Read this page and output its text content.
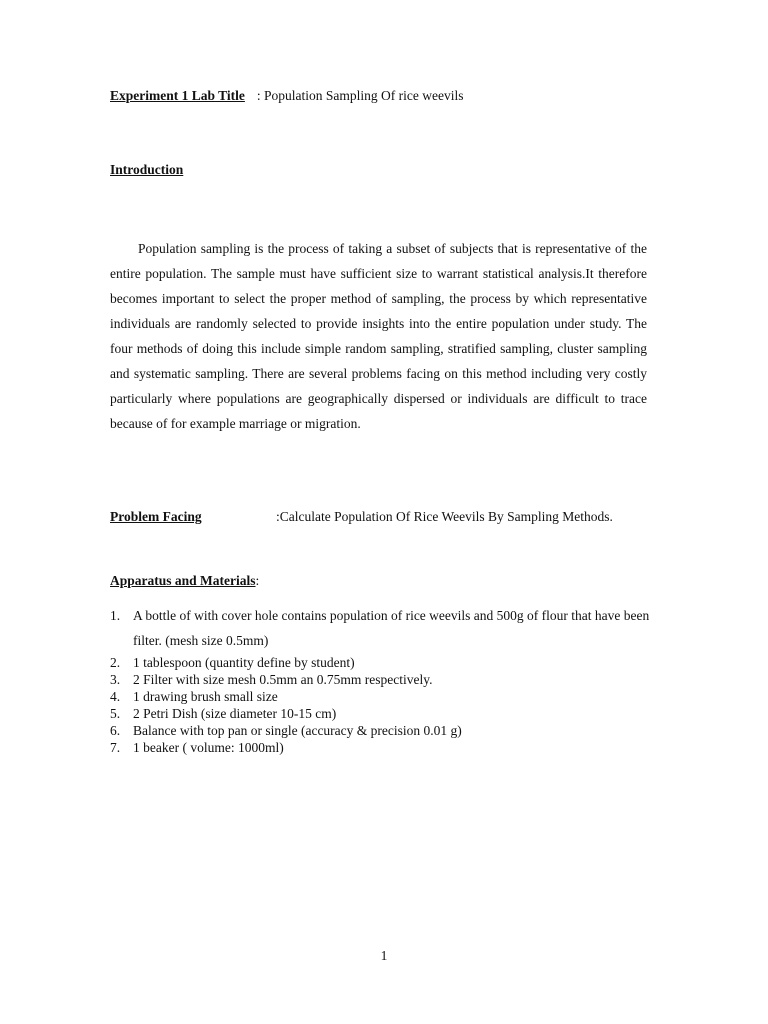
Experiment 1 Lab Title : Population Sampling Of rice weevils
Introduction

Population sampling is the process of taking a subset of subjects that is representative of the entire population. The sample must have sufficient size to warrant statistical analysis.It therefore becomes important to select the proper method of sampling, the process by which representative individuals are randomly selected to provide insights into the entire population under study. The four methods of doing this include simple random sampling, stratified sampling, cluster sampling and systematic sampling. There are several problems facing on this method including very costly particularly where populations are geographically dispersed or individuals are difficult to trace because of for example marriage or migration.

Problem Facing	:Calculate Population Of Rice Weevils By Sampling Methods.
Apparatus and Materials:
1. A bottle of with cover hole contains population of rice weevils and 500g of flour that have been filter. (mesh size 0.5mm)
2. 1 tablespoon (quantity define by student)
3. 2 Filter with size mesh 0.5mm an 0.75mm respectively.
4. 1 drawing brush small size
5. 2 Petri Dish (size diameter 10-15 cm)
6. Balance with top pan or single (accuracy & precision 0.01 g)
7. 1 beaker ( volume: 1000ml)
1
